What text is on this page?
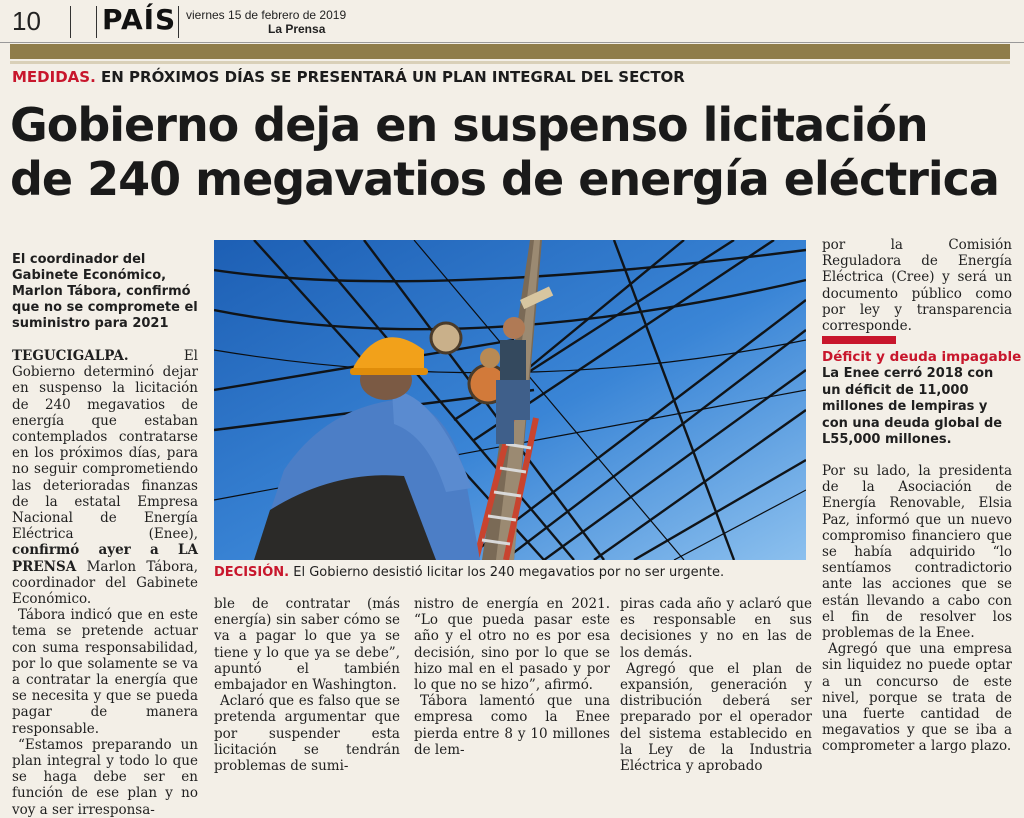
10 PAÍS viernes 15 de febrero de 2019
La Prensa
MEDIDAS. EN PRÓXIMOS DÍAS SE PRESENTARÁ UN PLAN INTEGRAL DEL SECTOR
Gobierno deja en suspenso licitación
de 240 megavatios de energía eléctrica
El coordinador del Gabinete Económico, Marlon Tábora, confirmó que no se compromete el suministro para 2021

TEGUCIGALPA. El Gobierno determinó dejar en suspenso la licitación de 240 megavatios de energía que estaban contemplados contratarse en los próximos días, para no seguir comprometiendo las deterioradas finanzas de la estatal Empresa Nacional de Energía Eléctrica (Enee), confirmó ayer a LA PRENSA Marlon Tábora, coordinador del Gabinete Económico.

Tábora indicó que en este tema se pretende actuar con suma responsabilidad, por lo que solamente se va a contratar la energía que se necesita y que se pueda pagar de manera responsable.

“Estamos preparando un plan integral y todo lo que se haga debe ser en función de ese plan y no voy a ser irresponsa-

DECISIÓN. El Gobierno desistió licitar los 240 megavatios por no ser urgente.

ble de contratar (más energía) sin saber cómo se va a pagar lo que ya se tiene y lo que ya se debe”, apuntó el también embajador en Washington.

Aclaró que es falso que se pretenda argumentar que por suspender esta licitación se tendrán problemas de sumi-

nistro de energía en 2021. “Lo que pueda pasar este año y el otro no es por esa decisión, sino por lo que se hizo mal en el pasado y por lo que no se hizo”, afirmó.

Tábora lamentó que una empresa como la Enee pierda entre 8 y 10 millones de lem-

piras cada año y aclaró que es responsable en sus decisiones y no en las de los demás.

Agregó que el plan de expansión, generación y distribución deberá ser preparado por el operador del sistema establecido en la Ley de la Industria Eléctrica y aprobado

por la Comisión Reguladora de Energía Eléctrica (Cree) y será un documento público como por ley y transparencia corresponde.

Déficit y deuda impagable
La Enee cerró 2018 con un déficit de 11,000 millones de lempiras y con una deuda global de L55,000 millones.

Por su lado, la presidenta de la Asociación de Energía Renovable, Elsia Paz, informó que un nuevo compromiso financiero que se había adquirido “lo sentíamos contradictorio ante las acciones que se están llevando a cabo con el fin de resolver los problemas de la Enee.

Agregó que una empresa sin liquidez no puede optar a un concurso de este nivel, porque se trata de una fuerte cantidad de megavatios y que se iba a comprometer a largo plazo.
